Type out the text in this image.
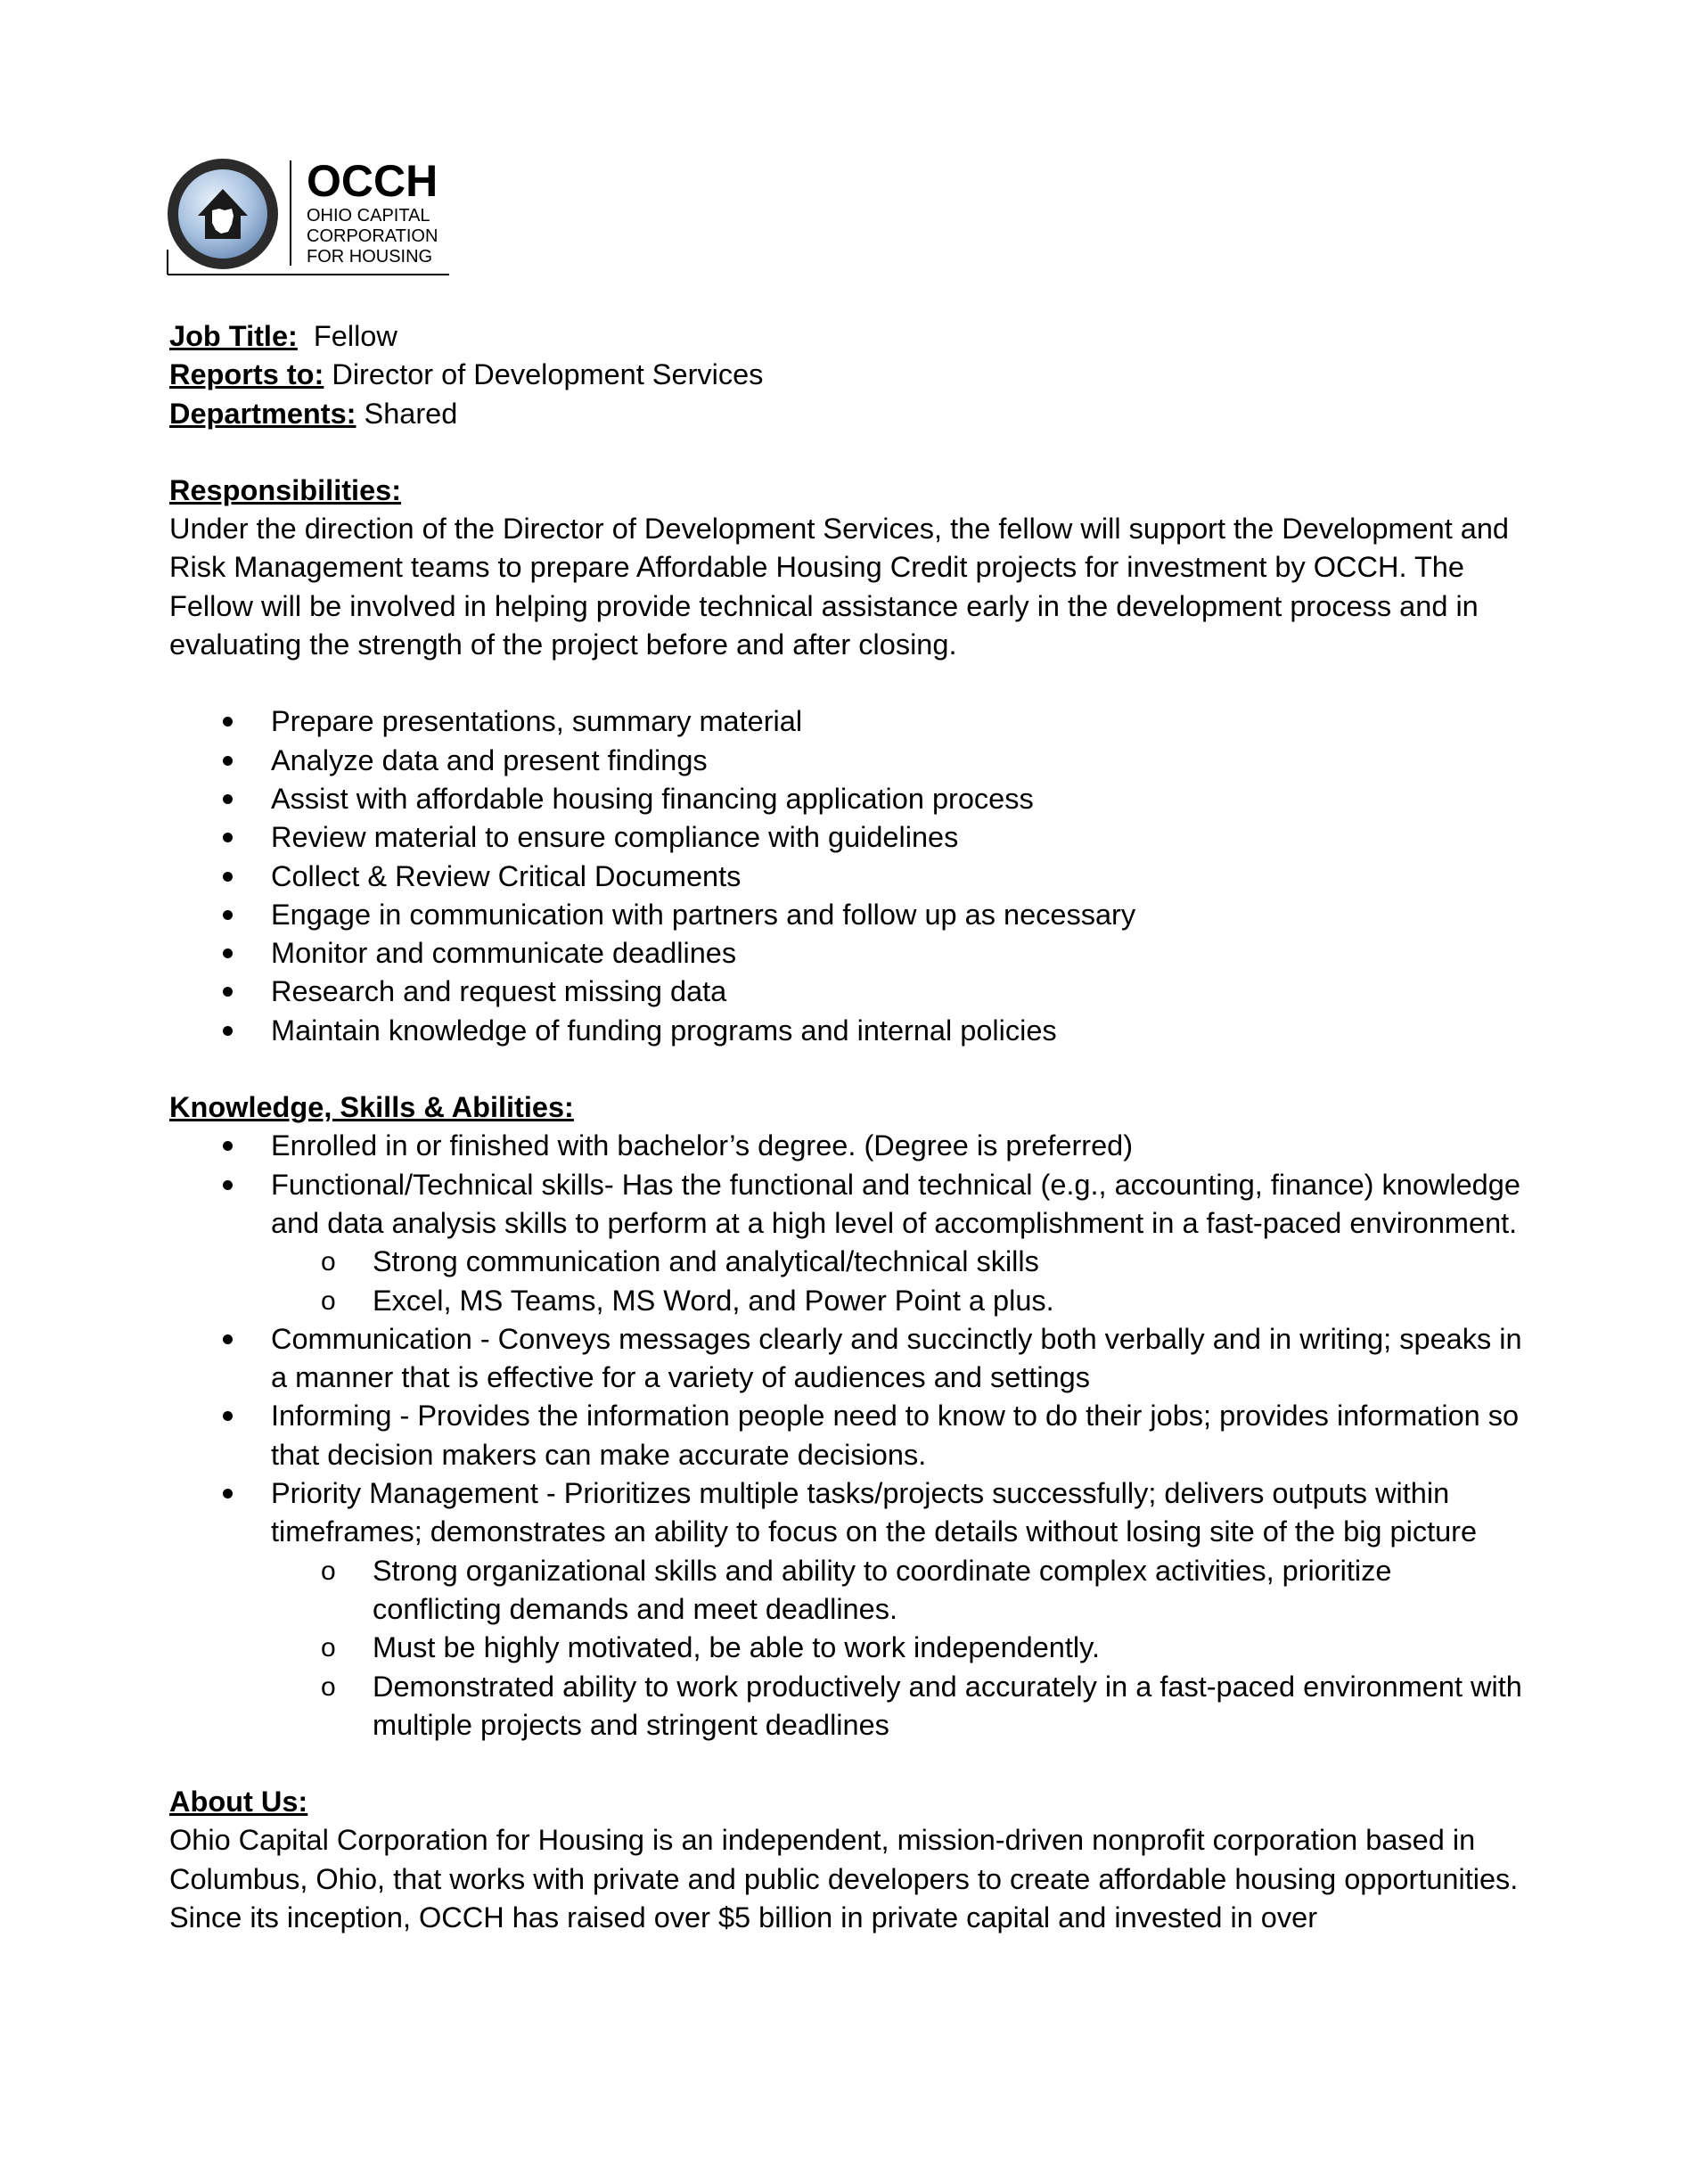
OCCH
OHIO CAPITAL
CORPORATION
FOR HOUSING

Job Title: Fellow

Reports to: Director of Development Services

Departments: Shared

Responsibilities:

Under the direction of the Director of Development Services, the fellow will support the Development and Risk Management teams to prepare Affordable Housing Credit projects for investment by OCCH. The Fellow will be involved in helping provide technical assistance early in the development process and in evaluating the strength of the project before and after closing.

Prepare presentations, summary material
Analyze data and present findings
Assist with affordable housing financing application process
Review material to ensure compliance with guidelines
Collect & Review Critical Documents
Engage in communication with partners and follow up as necessary
Monitor and communicate deadlines
Research and request missing data
Maintain knowledge of funding programs and internal policies

Knowledge, Skills & Abilities:

Enrolled in or finished with bachelor’s degree. (Degree is preferred)
Functional/Technical skills- Has the functional and technical (e.g., accounting, finance) knowledge and data analysis skills to perform at a high level of accomplishment in a fast-paced environment.
o Strong communication and analytical/technical skills
o Excel, MS Teams, MS Word, and Power Point a plus.
Communication - Conveys messages clearly and succinctly both verbally and in writing; speaks in a manner that is effective for a variety of audiences and settings
Informing - Provides the information people need to know to do their jobs; provides information so that decision makers can make accurate decisions.
Priority Management - Prioritizes multiple tasks/projects successfully; delivers outputs within timeframes; demonstrates an ability to focus on the details without losing site of the big picture
o Strong organizational skills and ability to coordinate complex activities, prioritize conflicting demands and meet deadlines.
o Must be highly motivated, be able to work independently.
o Demonstrated ability to work productively and accurately in a fast-paced environment with multiple projects and stringent deadlines

About Us:

Ohio Capital Corporation for Housing is an independent, mission-driven nonprofit corporation based in Columbus, Ohio, that works with private and public developers to create affordable housing opportunities. Since its inception, OCCH has raised over $5 billion in private capital and invested in over
